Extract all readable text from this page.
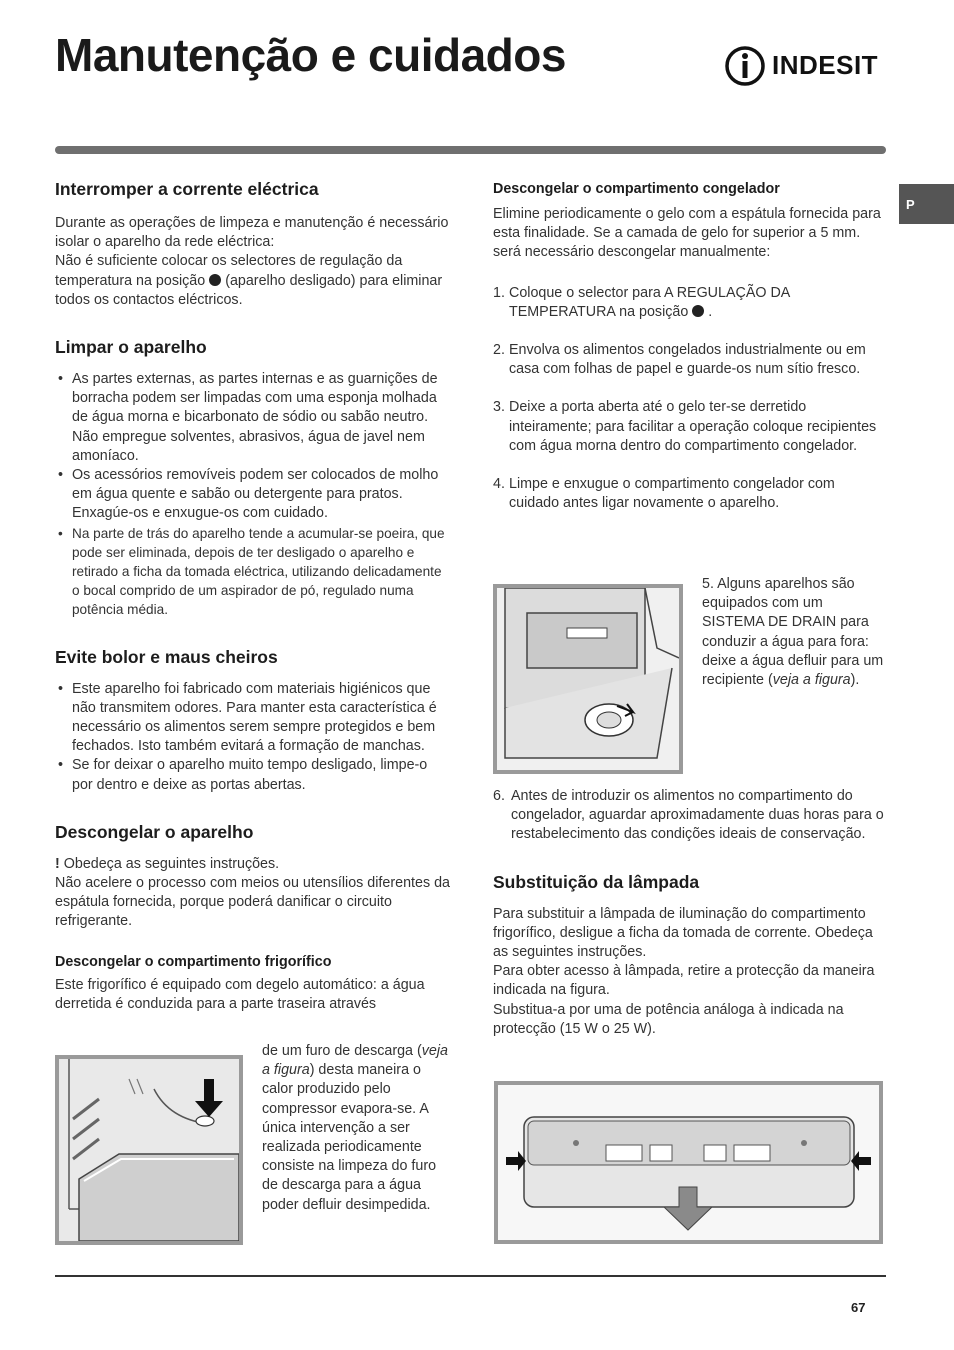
Manutenção e cuidados	INDESIT
P
Interromper a corrente eléctrica

Durante as operações de limpeza e manutenção é necessário isolar o aparelho da rede eléctrica:

Não é suficiente colocar os selectores de regulação da temperatura na posição (aparelho desligado) para eliminar todos os contactos eléctricos.

Limpar o aparelho
• As partes externas, as partes internas e as guarnições de borracha podem ser limpadas com uma esponja molhada de água morna e bicarbonato de sódio ou sabão neutro. Não empregue solventes, abrasivos, água de javel nem amoníaco.
• Os acessórios removíveis podem ser colocados de molho em água quente e sabão ou detergente para pratos. Enxagúe-os e enxugue-os com cuidado.
• Na parte de trás do aparelho tende a acumular-se poeira, que pode ser eliminada, depois de ter desligado o aparelho e retirado a ficha da tomada eléctrica, utilizando delicadamente o bocal comprido de um aspirador de pó, regulado numa potência média.
Evite bolor e maus cheiros
• Este aparelho foi fabricado com materiais higiénicos que não transmitem odores. Para manter esta característica é necessário os alimentos serem sempre protegidos e bem fechados. Isto também evitará a formação de manchas.
• Se for deixar o aparelho muito tempo desligado, limpe-o por dentro e deixe as portas abertas.
Descongelar o aparelho

! Obedeça as seguintes instruções.

Não acelere o processo com meios ou utensílios diferentes da espátula fornecida, porque poderá danificar o circuito refrigerante.

Descongelar o compartimento frigorífico

Este frigorífico é equipado com degelo automático: a água derretida é conduzida para a parte traseira através

de um furo de descarga (veja a figura) desta maneira o calor produzido pelo compressor evapora-se. A única intervenção a ser realizada periodicamente consiste na limpeza do furo de descarga para a água poder defluir desimpedida.
Descongelar o compartimento congelador

Elimine periodicamente o gelo com a espátula fornecida para esta finalidade. Se a camada de gelo for superior a 5 mm. será necessário descongelar manualmente:

1. Coloque o selector para A REGULAÇÃO DA TEMPERATURA na posição .
2. Envolva os alimentos congelados industrialmente ou em casa com folhas de papel e guarde-os num sítio fresco.
3. Deixe a porta aberta até o gelo ter-se derretido inteiramente; para facilitar a operação coloque recipientes com água morna dentro do compartimento congelador.
4. Limpe e enxugue o compartimento congelador com cuidado antes ligar novamente o aparelho.
5. Alguns aparelhos são equipados com um SISTEMA DE DRAIN para conduzir a água para fora: deixe a água defluir para um recipiente (veja a figura).
6. Antes de introduzir os alimentos no compartimento do congelador, aguardar aproximadamente duas horas para o restabelecimento das condições ideais de conservação.
Substituição da lâmpada

Para substituir a lâmpada de iluminação do compartimento frigorífico, desligue a ficha da tomada de corrente. Obedeça as seguintes instruções.

Para obter acesso à lâmpada, retire a protecção da maneira indicada na figura.

Substitua-a por uma de potência análoga à indicada na protecção (15 W o 25 W).

67
